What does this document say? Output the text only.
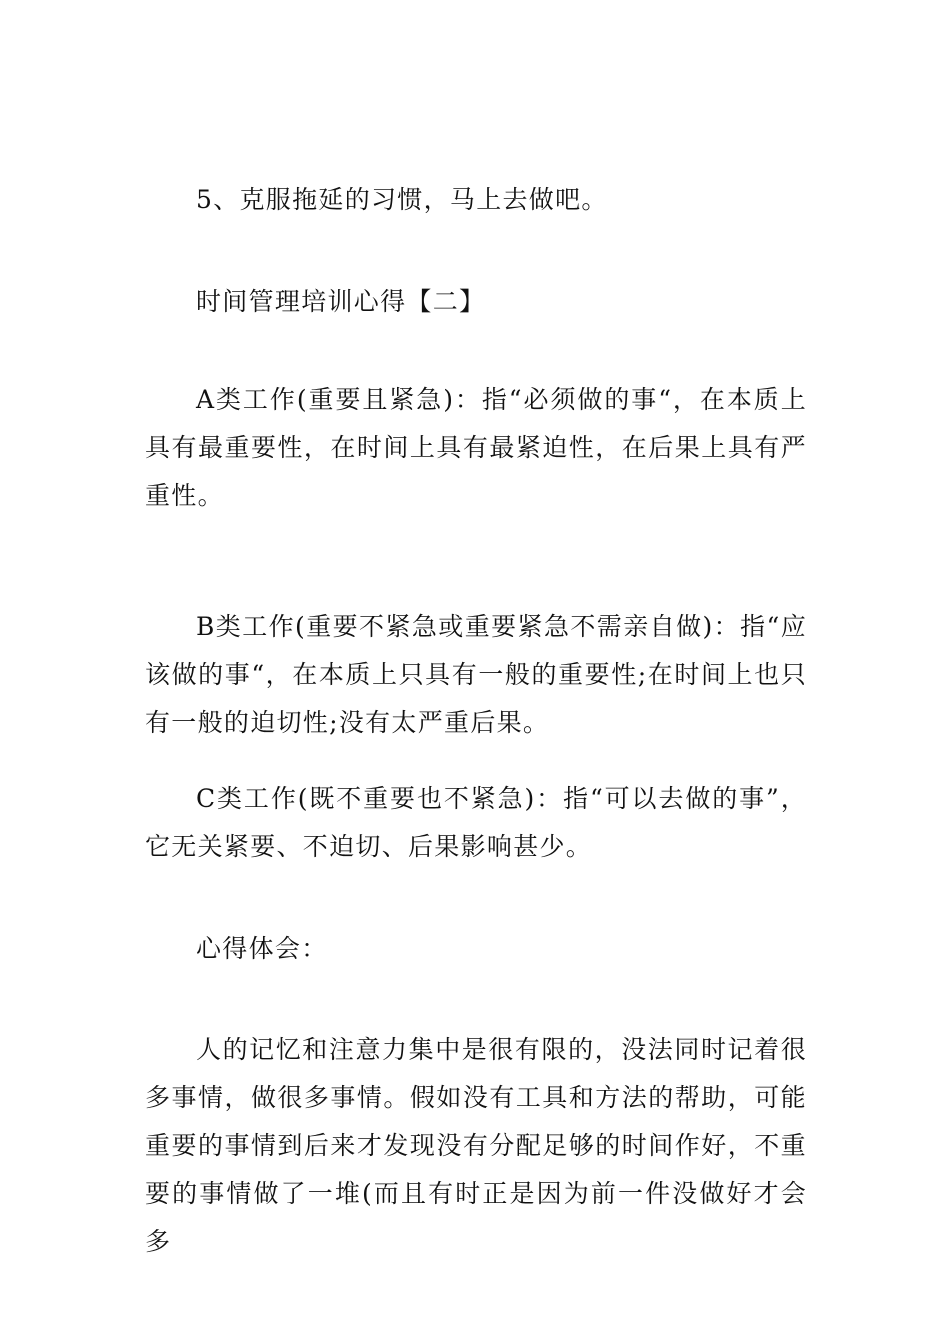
5、克服拖延的习惯，马上去做吧。

时间管理培训心得【二】

A类工作(重要且紧急)：指“必须做的事“，在本质上具有最重要性，在时间上具有最紧迫性，在后果上具有严重性。

B类工作(重要不紧急或重要紧急不需亲自做)：指“应该做的事“，在本质上只具有一般的重要性;在时间上也只有一般的迫切性;没有太严重后果。

C类工作(既不重要也不紧急)：指“可以去做的事”，它无关紧要、不迫切、后果影响甚少。

心得体会：

人的记忆和注意力集中是很有限的，没法同时记着很多事情，做很多事情。假如没有工具和方法的帮助，可能重要的事情到后来才发现没有分配足够的时间作好，不重要的事情做了一堆(而且有时正是因为前一件没做好才会多
